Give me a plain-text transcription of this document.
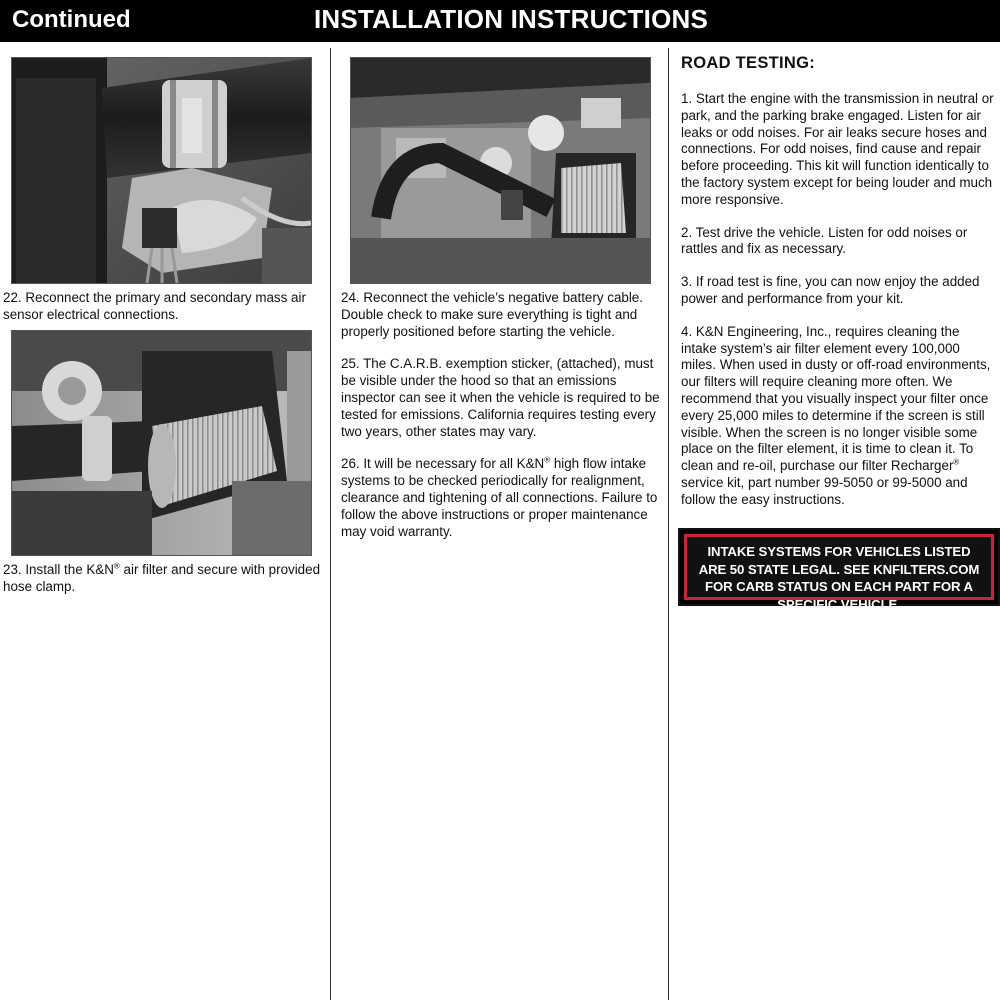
Continued	INSTALLATION INSTRUCTIONS

22. Reconnect the primary and secondary mass air sensor electrical connections.

23. Install the K&N® air filter and secure with provided hose clamp.

24. Reconnect the vehicle’s negative battery cable. Double check to make sure everything is tight and properly positioned before starting the vehicle.

25. The C.A.R.B. exemption sticker, (attached), must be visible under the hood so that an emissions inspector can see it when the vehicle is required to be tested for emissions. California requires testing every two years, other states may vary.

26. It will be necessary for all K&N® high flow intake systems to be checked periodically for realignment, clearance and tightening of all connections. Failure to follow the above instructions or proper maintenance may void warranty.

ROAD TESTING:

1. Start the engine with the transmission in neutral or park, and the parking brake engaged. Listen for air leaks or odd noises. For air leaks secure hoses and connections. For odd noises, find cause and repair before proceeding. This kit will function identically to the factory system except for being louder and much more responsive.

2. Test drive the vehicle. Listen for odd noises or rattles and fix as necessary.

3. If road test is fine, you can now enjoy the added power and performance from your kit.

4. K&N Engineering, Inc., requires cleaning the intake system’s air filter element every 100,000 miles. When used in dusty or off-road environments, our filters will require cleaning more often. We recommend that you visually inspect your filter once every 25,000 miles to determine if the screen is still visible. When the screen is no longer visible some place on the filter element, it is time to clean it. To clean and re-oil, purchase our filter Recharger® service kit, part number 99-5050 or 99-5000 and follow the easy instructions.

INTAKE SYSTEMS FOR VEHICLES LISTED ARE 50 STATE LEGAL. SEE KNFILTERS.COM FOR CARB STATUS ON EACH PART FOR A SPECIFIC VEHICLE.
